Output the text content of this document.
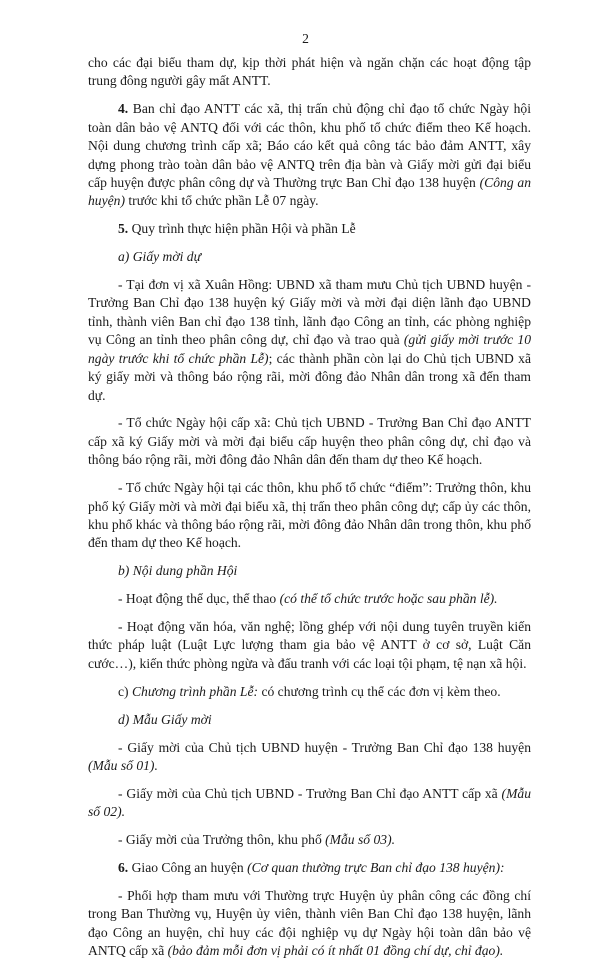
2

cho các đại biểu tham dự, kịp thời phát hiện và ngăn chặn các hoạt động tập trung đông người gây mất ANTT.

4. Ban chỉ đạo ANTT các xã, thị trấn chủ động chỉ đạo tổ chức Ngày hội toàn dân bảo vệ ANTQ đối với các thôn, khu phố tổ chức điểm theo Kế hoạch. Nội dung chương trình cấp xã; Báo cáo kết quả công tác bảo đảm ANTT, xây dựng phong trào toàn dân bảo vệ ANTQ trên địa bàn và Giấy mời gửi đại biểu cấp huyện được phân công dự và Thường trực Ban Chỉ đạo 138 huyện (Công an huyện) trước khi tổ chức phần Lễ 07 ngày.

5. Quy trình thực hiện phần Hội và phần Lễ

a) Giấy mời dự

- Tại đơn vị xã Xuân Hồng: UBND xã tham mưu Chủ tịch UBND huyện - Trưởng Ban Chỉ đạo 138 huyện ký Giấy mời và mời đại diện lãnh đạo UBND tỉnh, thành viên Ban chỉ đạo 138 tỉnh, lãnh đạo Công an tỉnh, các phòng nghiệp vụ Công an tỉnh theo phân công dự, chỉ đạo và trao quà (gửi giấy mời trước 10 ngày trước khi tổ chức phần Lễ); các thành phần còn lại do Chủ tịch UBND xã ký giấy mời và thông báo rộng rãi, mời đông đảo Nhân dân trong xã đến tham dự.

- Tổ chức Ngày hội cấp xã: Chủ tịch UBND - Trưởng Ban Chỉ đạo ANTT cấp xã ký Giấy mời và mời đại biểu cấp huyện theo phân công dự, chỉ đạo và thông báo rộng rãi, mời đông đảo Nhân dân đến tham dự theo Kế hoạch.

- Tổ chức Ngày hội tại các thôn, khu phố tổ chức “điểm”: Trưởng thôn, khu phố ký Giấy mời và mời đại biểu xã, thị trấn theo phân công dự; cấp ủy các thôn, khu phố khác và thông báo rộng rãi, mời đông đảo Nhân dân trong thôn, khu phố đến tham dự theo Kế hoạch.

b) Nội dung phần Hội

- Hoạt động thể dục, thể thao (có thể tổ chức trước hoặc sau phần lễ).

- Hoạt động văn hóa, văn nghệ; lồng ghép với nội dung tuyên truyền kiến thức pháp luật (Luật Lực lượng tham gia bảo vệ ANTT ở cơ sở, Luật Căn cước…), kiến thức phòng ngừa và đấu tranh với các loại tội phạm, tệ nạn xã hội.

c) Chương trình phần Lễ: có chương trình cụ thể các đơn vị kèm theo.

d) Mẫu Giấy mời

- Giấy mời của Chủ tịch UBND huyện - Trưởng Ban Chỉ đạo 138 huyện (Mẫu số 01).

- Giấy mời của Chủ tịch UBND - Trưởng Ban Chỉ đạo ANTT cấp xã (Mẫu số 02).

- Giấy mời của Trưởng thôn, khu phố (Mẫu số 03).

6. Giao Công an huyện (Cơ quan thường trực Ban chỉ đạo 138 huyện):

- Phối hợp tham mưu với Thường trực Huyện ủy phân công các đồng chí trong Ban Thường vụ, Huyện ủy viên, thành viên Ban Chỉ đạo 138 huyện, lãnh đạo Công an huyện, chỉ huy các đội nghiệp vụ dự Ngày hội toàn dân bảo vệ ANTQ cấp xã (bảo đảm mỗi đơn vị phải có ít nhất 01 đồng chí dự, chỉ đạo).
